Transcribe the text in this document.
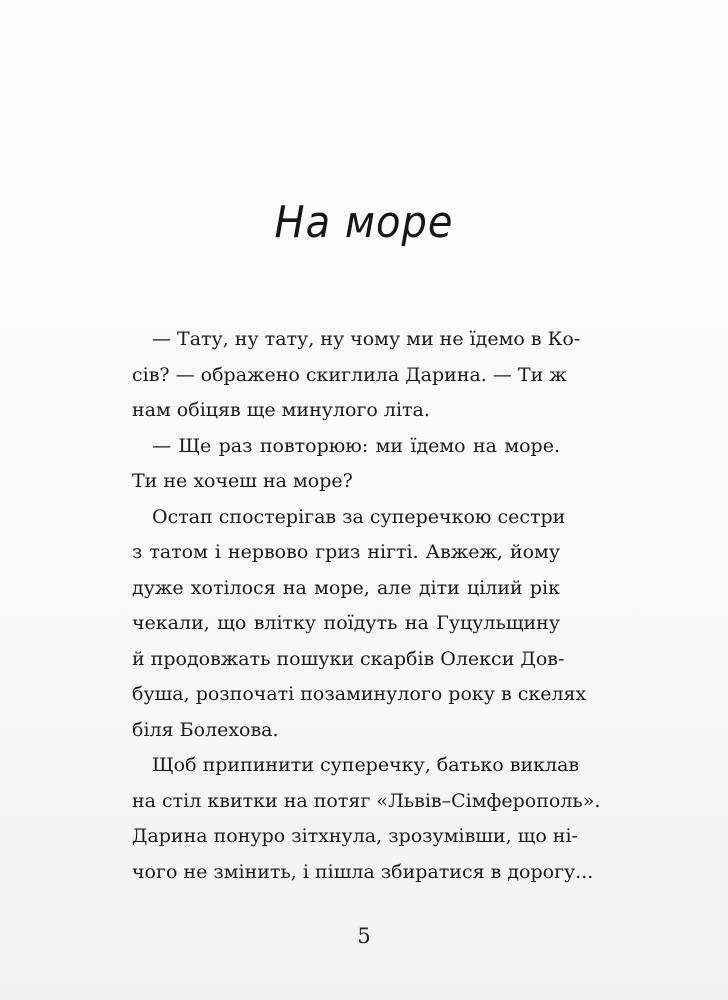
На море
— Тату, ну тату, ну чому ми не їдемо в Ко-
сів? — ображено скиглила Дарина. — Ти ж
нам обіцяв ще минулого літа.
— Ще раз повторюю: ми їдемо на море.
Ти не хочеш на море?
Остап спостерігав за суперечкою сестри
з татом і нервово гриз нігті. Авжеж, йому
дуже хотілося на море, але діти цілий рік
чекали, що влітку поїдуть на Гуцульщину
й продовжать пошуки скарбів Олекси Дов-
буша, розпочаті позаминулого року в скелях
біля Болехова.
Щоб припинити суперечку, батько виклав
на стіл квитки на потяг «Львів–Сімферополь».
Дарина понуро зітхнула, зрозумівши, що ні-
чого не змінить, і пішла збиратися в дорогу...
5
